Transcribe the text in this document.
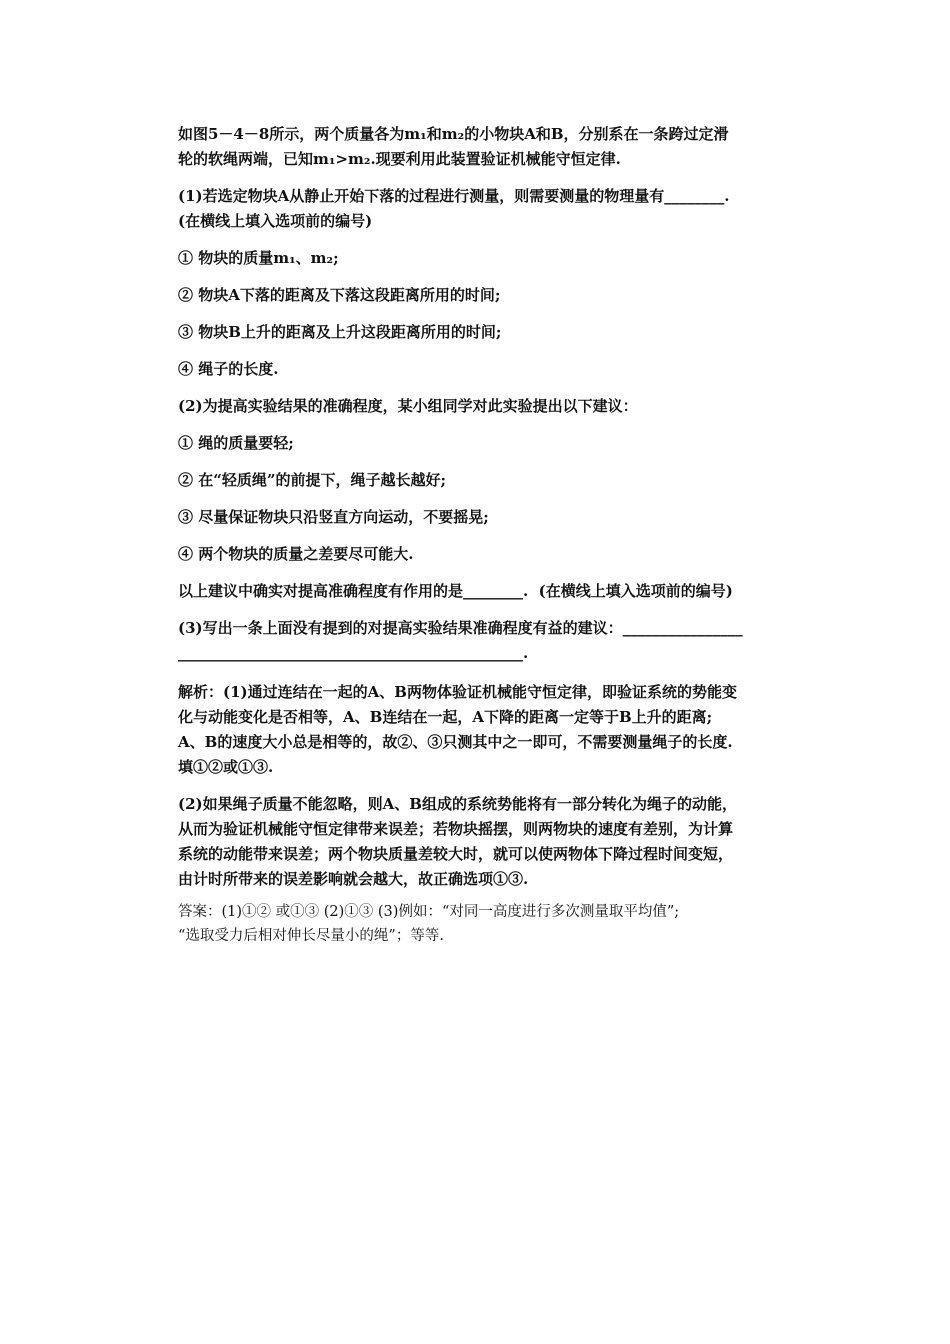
如图5－4－8所示，两个质量各为m₁和m₂的小物块A和B，分别系在一条跨过定滑
轮的软绳两端，已知m₁>m₂.现要利用此装置验证机械能守恒定律.
(1)若选定物块A从静止开始下落的过程进行测量，则需要测量的物理量有________.
(在横线上填入选项前的编号)
① 物块的质量m₁、m₂;
② 物块A下落的距离及下落这段距离所用的时间;
③ 物块B上升的距离及上升这段距离所用的时间;
④ 绳子的长度.
(2)为提高实验结果的准确程度，某小组同学对此实验提出以下建议：
① 绳的质量要轻;
② 在“轻质绳”的前提下，绳子越长越好;
③ 尽量保证物块只沿竖直方向运动，不要摇晃;
④ 两个物块的质量之差要尽可能大.
以上建议中确实对提高准确程度有作用的是________.  (在横线上填入选项前的编号)
(3)写出一条上面没有提到的对提高实验结果准确程度有益的建议：________________
______________________________________________.
解析：(1)通过连结在一起的A、B两物体验证机械能守恒定律，即验证系统的势能变
化与动能变化是否相等，A、B连结在一起，A下降的距离一定等于B上升的距离;
A、B的速度大小总是相等的，故②、③只测其中之一即可，不需要测量绳子的长度.
填①②或①③.
(2)如果绳子质量不能忽略，则A、B组成的系统势能将有一部分转化为绳子的动能，
从而为验证机械能守恒定律带来误差；若物块摇摆，则两物块的速度有差别，为计算
系统的动能带来误差；两个物块质量差较大时，就可以使两物体下降过程时间变短，
由计时所带来的误差影响就会越大，故正确选项①③.
答案：(1)①② 或①③ (2)①③ (3)例如：“对同一高度进行多次测量取平均值”;
“选取受力后相对伸长尽量小的绳”；等等.
